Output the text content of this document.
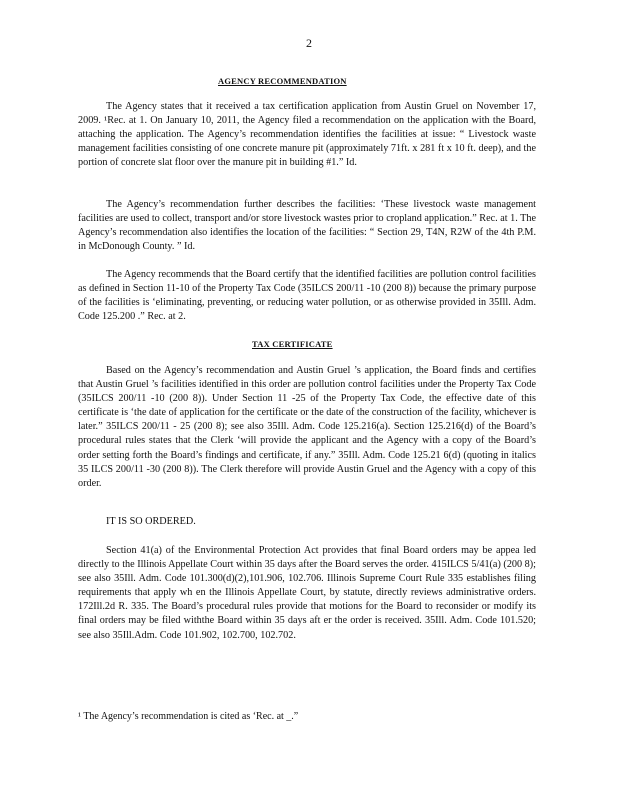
2
AGENCY RECOMMENDATION

The Agency states that it received a tax certification application from Austin Gruel on November 17, 2009. ¹Rec. at 1. On January 10, 2011, the Agency filed a recommendation on the application with the Board, attaching the application. The Agency’s recommendation identifies the facilities at issue: “ Livestock waste management facilities consisting of one concrete manure pit (approximately 71ft. x 281 ft x 10 ft. deep), and the portion of concrete slat floor over the manure pit in building #1.” Id.

The Agency’s recommendation further describes the facilities: ‘These livestock waste management facilities are used to collect, transport and/or store livestock wastes prior to cropland application.” Rec. at 1. The Agency’s recommendation also identifies the location of the facilities: “ Section 29, T4N, R2W of the 4th P.M. in McDonough County. ” Id.

The Agency recommends that the Board certify that the identified facilities are pollution control facilities as defined in Section 11-10 of the Property Tax Code (35ILCS 200/11 -10 (200 8)) because the primary purpose of the facilities is ‘eliminating, preventing, or reducing water pollution, or as otherwise provided in 35Ill. Adm. Code 125.200 .” Rec. at 2.

TAX CERTIFICATE

Based on the Agency’s recommendation and Austin Gruel ’s application, the Board finds and certifies that Austin Gruel ’s facilities identified in this order are pollution control facilities under the Property Tax Code (35ILCS 200/11 -10 (200 8)). Under Section 11 -25 of the Property Tax Code, the effective date of this certificate is ‘the date of application for the certificate or the date of the construction of the facility, whichever is later.” 35ILCS 200/11 - 25 (200 8); see also 35Ill. Adm. Code 125.216(a). Section 125.216(d) of the Board’s procedural rules states that the Clerk ‘will provide the applicant and the Agency with a copy of the Board’s order setting forth the Board’s findings and certificate, if any.” 35Ill. Adm. Code 125.21 6(d) (quoting in italics 35 ILCS 200/11 -30 (200 8)). The Clerk therefore will provide Austin Gruel and the Agency with a copy of this order.

IT IS SO ORDERED.

Section 41(a) of the Environmental Protection Act provides that final Board orders may be appea led directly to the Illinois Appellate Court within 35 days after the Board serves the order. 415ILCS 5/41(a) (200 8); see also 35Ill. Adm. Code 101.300(d)(2),101.906, 102.706. Illinois Supreme Court Rule 335 establishes filing requirements that apply wh en the Illinois Appellate Court, by statute, directly reviews administrative orders. 172Ill.2d R. 335. The Board’s procedural rules provide that motions for the Board to reconsider or modify its final orders may be filed withthe Board within 35 days aft er the order is received. 35Ill. Adm. Code 101.520; see also 35Ill.Adm. Code 101.902, 102.700, 102.702.

¹ The Agency’s recommendation is cited as ‘Rec. at _.”
